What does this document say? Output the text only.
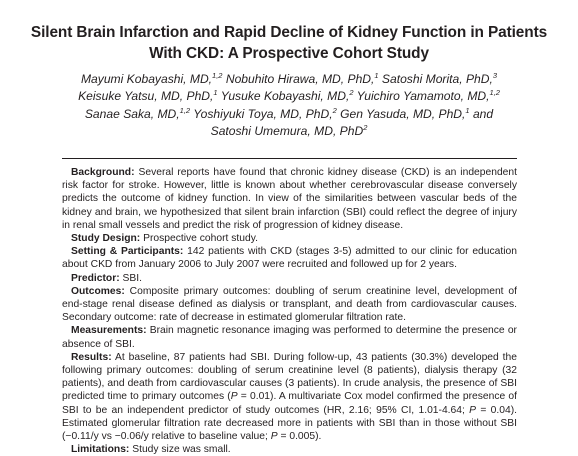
Silent Brain Infarction and Rapid Decline of Kidney Function in Patients
With CKD: A Prospective Cohort Study
Mayumi Kobayashi, MD,$^{1,2}$ Nobuhito Hirawa, MD, PhD,$^1$ Satoshi Morita, PhD,$^3$
Keisuke Yatsu, MD, PhD,$^1$ Yusuke Kobayashi, MD,$^2$ Yuichiro Yamamoto, MD,$^{1,2}$
Sanae Saka, MD,$^{1,2}$ Yoshiyuki Toya, MD, PhD,$^2$ Gen Yasuda, MD, PhD,$^1$ and
Satoshi Umemura, MD, PhD$^2$

Background: Several reports have found that chronic kidney disease (CKD) is an independent risk factor for stroke. However, little is known about whether cerebrovascular disease conversely predicts the outcome of kidney function. In view of the similarities between vascular beds of the kidney and brain, we hypothesized that silent brain infarction (SBI) could reflect the degree of injury in renal small vessels and predict the risk of progression of kidney disease.

Study Design: Prospective cohort study.

Setting & Participants: 142 patients with CKD (stages 3-5) admitted to our clinic for education about CKD from January 2006 to July 2007 were recruited and followed up for 2 years.

Predictor: SBI.

Outcomes: Composite primary outcomes: doubling of serum creatinine level, development of end-stage renal disease defined as dialysis or transplant, and death from cardiovascular causes. Secondary outcome: rate of decrease in estimated glomerular filtration rate.

Measurements: Brain magnetic resonance imaging was performed to determine the presence or absence of SBI.

Results: At baseline, 87 patients had SBI. During follow-up, 43 patients (30.3%) developed the following primary outcomes: doubling of serum creatinine level (8 patients), dialysis therapy (32 patients), and death from cardiovascular causes (3 patients). In crude analysis, the presence of SBI predicted time to primary outcomes (P = 0.01). A multivariate Cox model confirmed the presence of SBI to be an independent predictor of study outcomes (HR, 2.16; 95% CI, 1.01-4.64; P = 0.04). Estimated glomerular filtration rate decreased more in patients with SBI than in those without SBI (−0.11/y vs −0.06/y relative to baseline value; P = 0.005).

Limitations: Study size was small.
